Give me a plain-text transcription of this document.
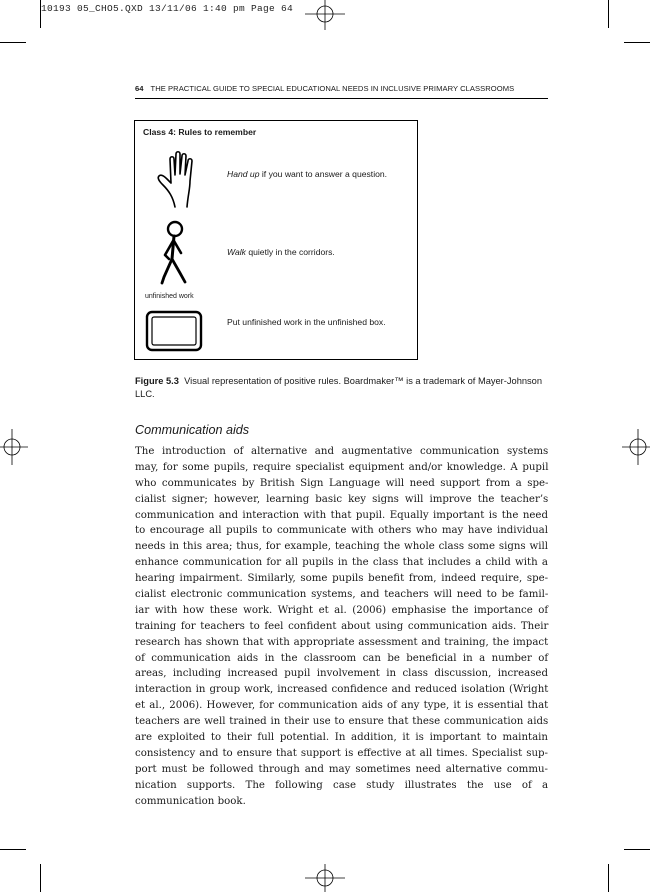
10193 05_CHO5.QXD 13/11/06 1:40 pm Page 64
64 THE PRACTICAL GUIDE TO SPECIAL EDUCATIONAL NEEDS IN INCLUSIVE PRIMARY CLASSROOMS
Class 4: Rules to remember
Hand up if you want to answer a question.
Walk quietly in the corridors.
unfinished work
Put unfinished work in the unfinished box.
Figure 5.3 Visual representation of positive rules. Boardmaker™ is a trademark of Mayer-Johnson LLC.
Communication aids
The introduction of alternative and augmentative communication systems
may, for some pupils, require specialist equipment and/or knowledge. A pupil
who communicates by British Sign Language will need support from a spe-
cialist signer; however, learning basic key signs will improve the teacher’s
communication and interaction with that pupil. Equally important is the need
to encourage all pupils to communicate with others who may have individual
needs in this area; thus, for example, teaching the whole class some signs will
enhance communication for all pupils in the class that includes a child with a
hearing impairment. Similarly, some pupils benefit from, indeed require, spe-
cialist electronic communication systems, and teachers will need to be famil-
iar with how these work. Wright et al. (2006) emphasise the importance of
training for teachers to feel confident about using communication aids. Their
research has shown that with appropriate assessment and training, the impact
of communication aids in the classroom can be beneficial in a number of
areas, including increased pupil involvement in class discussion, increased
interaction in group work, increased confidence and reduced isolation (Wright
et al., 2006). However, for communication aids of any type, it is essential that
teachers are well trained in their use to ensure that these communication aids
are exploited to their full potential. In addition, it is important to maintain
consistency and to ensure that support is effective at all times. Specialist sup-
port must be followed through and may sometimes need alternative commu-
nication supports. The following case study illustrates the use of a
communication book.
